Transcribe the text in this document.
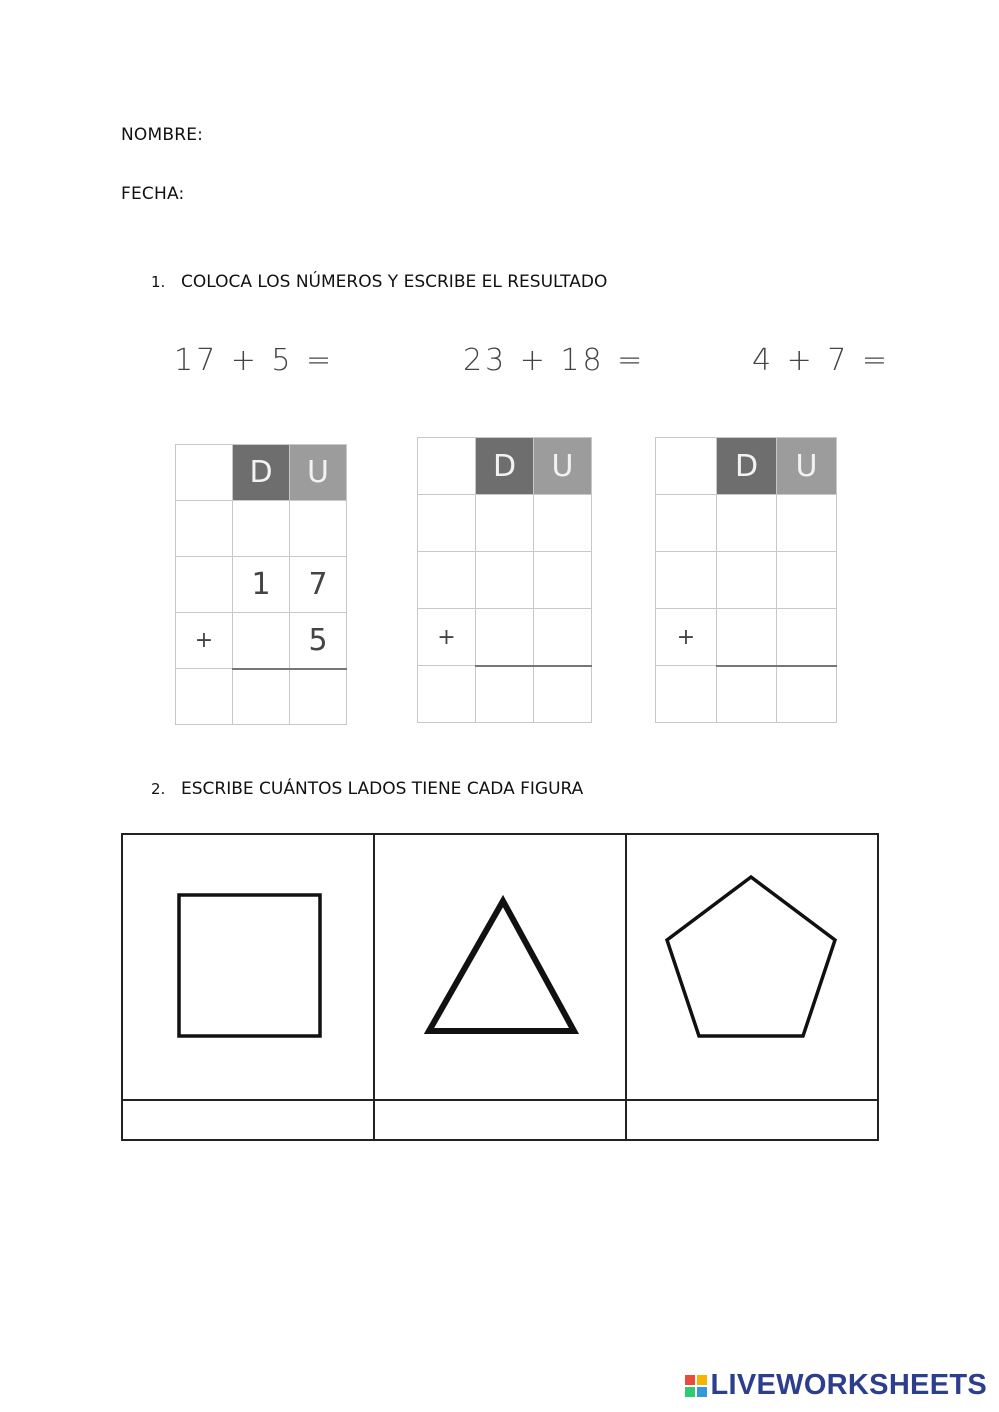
NOMBRE:
FECHA:
1. COLOCA LOS NÚMEROS Y ESCRIBE EL RESULTADO
17 + 5 =	23 + 18 =	4 + 7 =
	D	U

	1	7
+		5

	D	U

+		

	D	U

+		

2. ESCRIBE CUÁNTOS LADOS TIENE CADA FIGURA

LIVEWORKSHEETS
